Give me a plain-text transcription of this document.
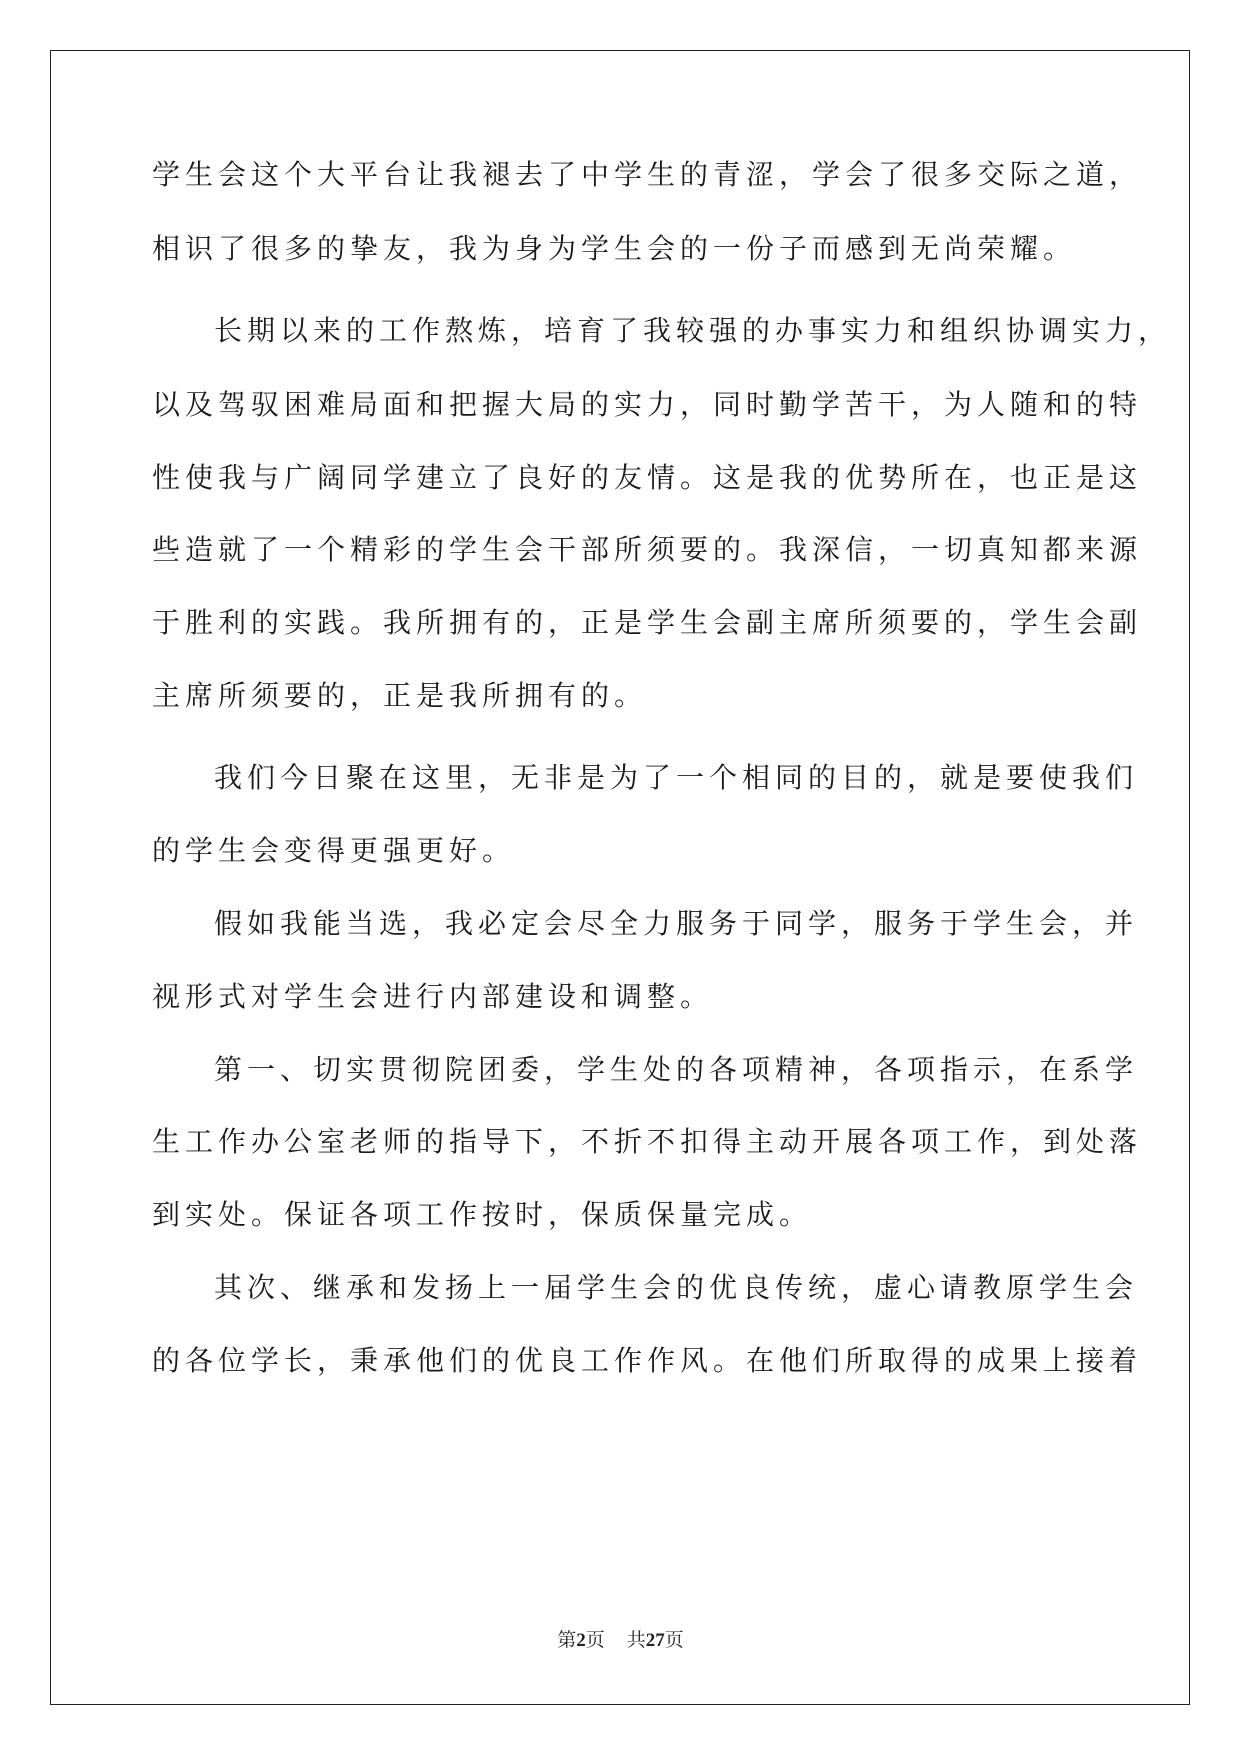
学生会这个大平台让我褪去了中学生的青涩，学会了很多交际之道，
相识了很多的挚友，我为身为学生会的一份子而感到无尚荣耀。
长期以来的工作熬炼，培育了我较强的办事实力和组织协调实力，
以及驾驭困难局面和把握大局的实力，同时勤学苦干，为人随和的特
性使我与广阔同学建立了良好的友情。这是我的优势所在，也正是这
些造就了一个精彩的学生会干部所须要的。我深信，一切真知都来源
于胜利的实践。我所拥有的，正是学生会副主席所须要的，学生会副
主席所须要的，正是我所拥有的。
我们今日聚在这里，无非是为了一个相同的目的，就是要使我们
的学生会变得更强更好。
假如我能当选，我必定会尽全力服务于同学，服务于学生会，并
视形式对学生会进行内部建设和调整。
第一、切实贯彻院团委，学生处的各项精神，各项指示，在系学
生工作办公室老师的指导下，不折不扣得主动开展各项工作，到处落
到实处。保证各项工作按时，保质保量完成。
其次、继承和发扬上一届学生会的优良传统，虚心请教原学生会
的各位学长，秉承他们的优良工作作风。在他们所取得的成果上接着
第2页 共27页
